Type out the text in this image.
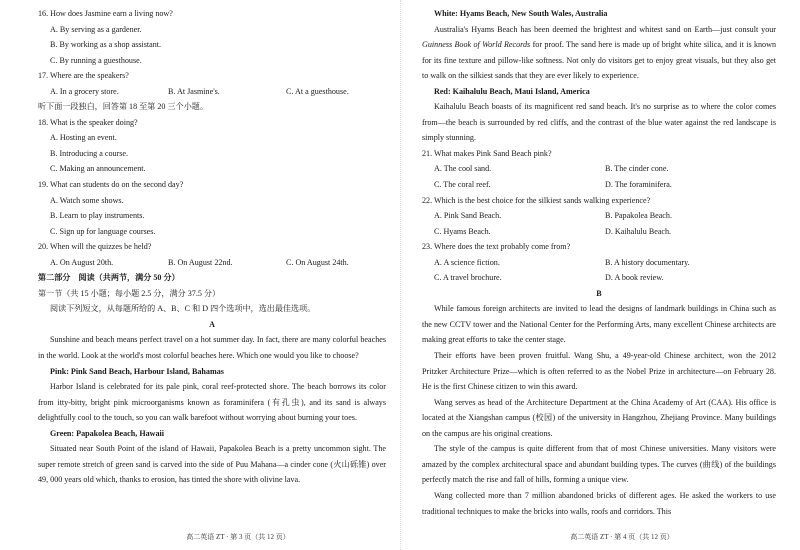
16. How does Jasmine earn a living now?
A. By serving as a gardener.
B. By working as a shop assistant.
C. By running a guesthouse.
17. Where are the speakers?
A. In a grocery store.	B. At Jasmine's.	C. At a guesthouse.
听下面一段独白，回答第 18 至第 20 三个小题。
18. What is the speaker doing?
A. Hosting an event.
B. Introducing a course.
C. Making an announcement.
19. What can students do on the second day?
A. Watch some shows.
B. Learn to play instruments.
C. Sign up for language courses.
20. When will the quizzes be held?
A. On August 20th.	B. On August 22nd.	C. On August 24th.
第二部分　阅读（共两节，满分 50 分）
第一节（共 15 小题；每小题 2.5 分，满分 37.5 分）
阅读下列短文，从每题所给的 A、B、C 和 D 四个选项中，选出最佳选项。
A

Sunshine and beach means perfect travel on a hot summer day. In fact, there are many colorful beaches in the world. Look at the world's most colorful beaches here. Which one would you like to choose?

Pink: Pink Sand Beach, Harbour Island, Bahamas

Harbor Island is celebrated for its pale pink, coral reef-protected shore. The beach borrows its color from itty-bitty, bright pink microorganisms known as foraminifera (有孔虫), and its sand is always delightfully cool to the touch, so you can walk barefoot without worrying about burning your toes.

Green: Papakolea Beach, Hawaii

Situated near South Point of the island of Hawaii, Papakolea Beach is a pretty uncommon sight. The super remote stretch of green sand is carved into the side of Puu Mahana—a cinder cone (火山砾锥) over 49, 000 years old which, thanks to erosion, has tinted the shore with olivine lava.

高二英语 ZT · 第 3 页（共 12 页）
White: Hyams Beach, New South Wales, Australia

Australia's Hyams Beach has been deemed the brightest and whitest sand on Earth—just consult your Guinness Book of World Records for proof. The sand here is made up of bright white silica, and it is known for its fine texture and pillow-like softness. Not only do visitors get to enjoy great visuals, but they also get to walk on the silkiest sands that they are ever likely to experience.

Red: Kaihalulu Beach, Maui Island, America

Kaihalulu Beach boasts of its magnificent red sand beach. It's no surprise as to where the color comes from—the beach is surrounded by red cliffs, and the contrast of the blue water against the red landscape is simply stunning.

21. What makes Pink Sand Beach pink?
A. The cool sand.	B. The cinder cone.
C. The coral reef.	D. The foraminifera.
22. Which is the best choice for the silkiest sands walking experience?
A. Pink Sand Beach.	B. Papakolea Beach.
C. Hyams Beach.	D. Kaihalulu Beach.
23. Where does the text probably come from?
A. A science fiction.	B. A history documentary.
C. A travel brochure.	D. A book review.
B

While famous foreign architects are invited to lead the designs of landmark buildings in China such as the new CCTV tower and the National Center for the Performing Arts, many excellent Chinese architects are making great efforts to take the center stage.

Their efforts have been proven fruitful. Wang Shu, a 49-year-old Chinese architect, won the 2012 Pritzker Architecture Prize—which is often referred to as the Nobel Prize in architecture—on February 28. He is the first Chinese citizen to win this award.

Wang serves as head of the Architecture Department at the China Academy of Art (CAA). His office is located at the Xiangshan campus (校园) of the university in Hangzhou, Zhejiang Province. Many buildings on the campus are his original creations.

The style of the campus is quite different from that of most Chinese universities. Many visitors were amazed by the complex architectural space and abundant building types. The curves (曲线) of the buildings perfectly match the rise and fall of hills, forming a unique view.

Wang collected more than 7 million abandoned bricks of different ages. He asked the workers to use traditional techniques to make the bricks into walls, roofs and corridors. This

高二英语 ZT · 第 4 页（共 12 页）
